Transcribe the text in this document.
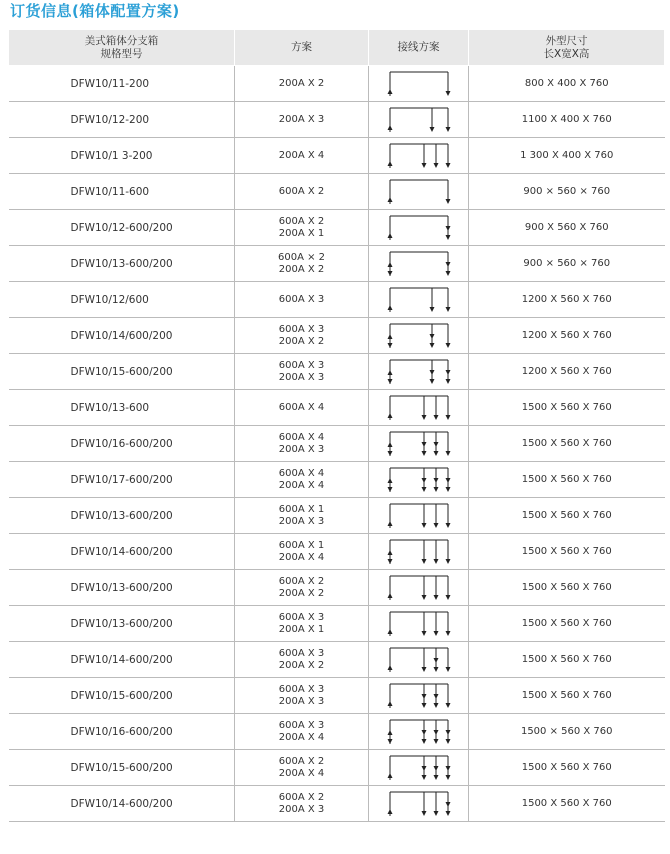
订货信息(箱体配置方案)
美式箱体分支箱
规格型号	方案	接线方案	外型尺寸
长X宽X高

DFW10/11-200	200A X 2		800 X 400 X 760
DFW10/12-200	200A X 3		1100 X 400 X 760
DFW10/1 3-200	200A X 4		1 300 X 400 X 760
DFW10/11-600	600A X 2		900 × 560 × 760
DFW10/12-600/200	600A X 2
200A X 1		900 X 560 X 760
DFW10/13-600/200	600A × 2
200A X 2		900 × 560 × 760
DFW10/12/600	600A X 3		1200 X 560 X 760
DFW10/14/600/200	600A X 3
200A X 2		1200 X 560 X 760
DFW10/15-600/200	600A X 3
200A X 3		1200 X 560 X 760
DFW10/13-600	600A X 4		1500 X 560 X 760
DFW10/16-600/200	600A X 4
200A X 3		1500 X 560 X 760
DFW10/17-600/200	600A X 4
200A X 4		1500 X 560 X 760
DFW10/13-600/200	600A X 1
200A X 3		1500 X 560 X 760
DFW10/14-600/200	600A X 1
200A X 4		1500 X 560 X 760
DFW10/13-600/200	600A X 2
200A X 2		1500 X 560 X 760
DFW10/13-600/200	600A X 3
200A X 1		1500 X 560 X 760
DFW10/14-600/200	600A X 3
200A X 2		1500 X 560 X 760
DFW10/15-600/200	600A X 3
200A X 3		1500 X 560 X 760
DFW10/16-600/200	600A X 3
200A X 4		1500 × 560 X 760
DFW10/15-600/200	600A X 2
200A X 4		1500 X 560 X 760
DFW10/14-600/200	600A X 2
200A X 3		1500 X 560 X 760
